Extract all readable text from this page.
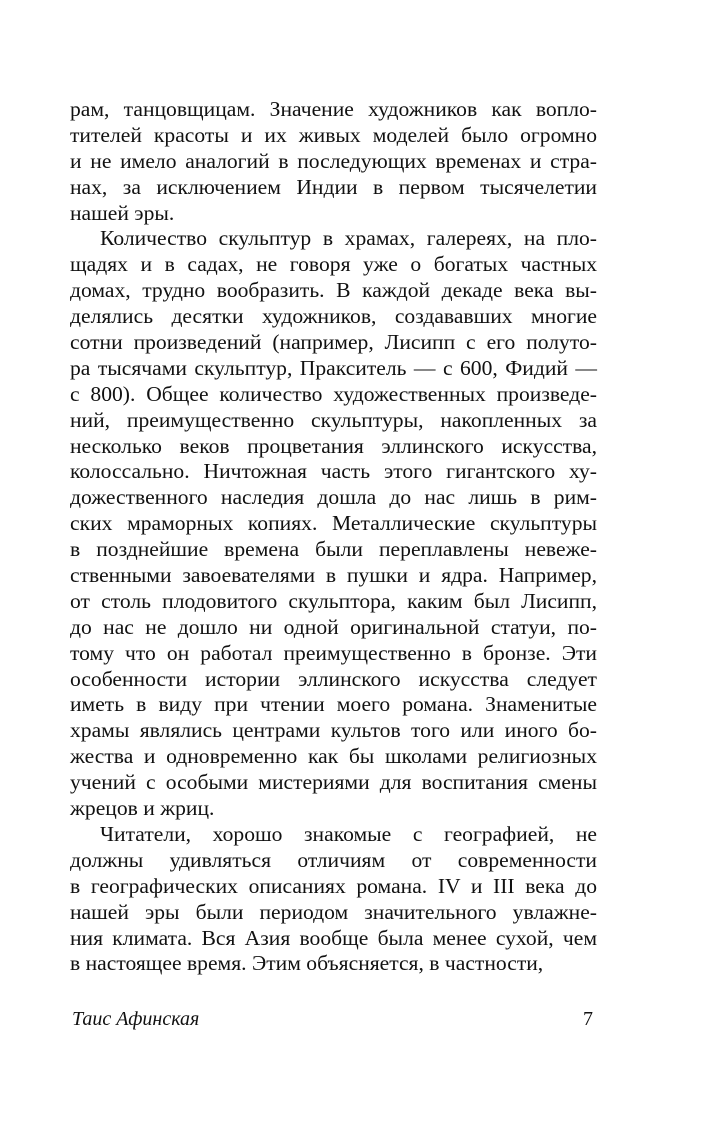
рам, танцовщицам. Значение художников как вопло-
тителей красоты и их живых моделей было огромно
и не имело аналогий в последующих временах и стра-
нах, за исключением Индии в первом тысячелетии
нашей эры.
Количество скульптур в храмах, галереях, на пло-
щадях и в садах, не говоря уже о богатых частных
домах, трудно вообразить. В каждой декаде века вы-
делялись десятки художников, создававших многие
сотни произведений (например, Лисипп с его полуто-
ра тысячами скульптур, Пракситель — с 600, Фидий —
с 800). Общее количество художественных произведе-
ний, преимущественно скульптуры, накопленных за
несколько веков процветания эллинского искусства,
колоссально. Ничтожная часть этого гигантского ху-
дожественного наследия дошла до нас лишь в рим-
ских мраморных копиях. Металлические скульптуры
в позднейшие времена были переплавлены невеже-
ственными завоевателями в пушки и ядра. Например,
от столь плодовитого скульптора, каким был Лисипп,
до нас не дошло ни одной оригинальной статуи, по-
тому что он работал преимущественно в бронзе. Эти
особенности истории эллинского искусства следует
иметь в виду при чтении моего романа. Знаменитые
храмы являлись центрами культов того или иного бо-
жества и одновременно как бы школами религиозных
учений с особыми мистериями для воспитания смены
жрецов и жриц.
Читатели, хорошо знакомые с географией, не
должны удивляться отличиям от современности
в географических описаниях романа. IV и III века до
нашей эры были периодом значительного увлажне-
ния климата. Вся Азия вообще была менее сухой, чем
в настоящее время. Этим объясняется, в частности,
Таис Афинская	7
